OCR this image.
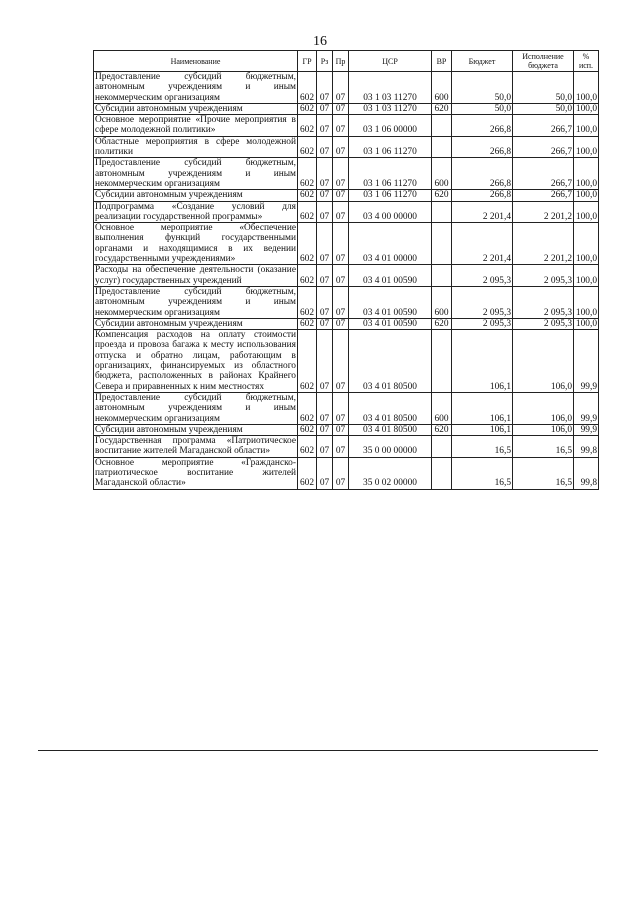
16
Наименование	ГР	Рз	Пр	ЦСР	ВР	Бюджет	Исполнение бюджета	% исп.
Предоставление субсидий бюджетным, автономным учреждениям и иным некоммерческим организациям	602	07	07	03 1 03 11270	600	50,0	50,0	100,0
Субсидии автономным учреждениям	602	07	07	03 1 03 11270	620	50,0	50,0	100,0
Основное мероприятие «Прочие мероприятия в сфере молодежной политики»	602	07	07	03 1 06 00000		266,8	266,7	100,0
Областные мероприятия в сфере молодежной политики	602	07	07	03 1 06 11270		266,8	266,7	100,0
Предоставление субсидий бюджетным, автономным учреждениям и иным некоммерческим организациям	602	07	07	03 1 06 11270	600	266,8	266,7	100,0
Субсидии автономным учреждениям	602	07	07	03 1 06 11270	620	266,8	266,7	100,0
Подпрограмма «Создание условий для реализации государственной программы»	602	07	07	03 4 00 00000		2 201,4	2 201,2	100,0
Основное мероприятие «Обеспечение выполнения функций государственными органами и находящимися в их ведении государственными учреждениями»	602	07	07	03 4 01 00000		2 201,4	2 201,2	100,0
Расходы на обеспечение деятельности (оказание услуг) государственных учреждений	602	07	07	03 4 01 00590		2 095,3	2 095,3	100,0
Предоставление субсидий бюджетным, автономным учреждениям и иным некоммерческим организациям	602	07	07	03 4 01 00590	600	2 095,3	2 095,3	100,0
Субсидии автономным учреждениям	602	07	07	03 4 01 00590	620	2 095,3	2 095,3	100,0
Компенсация расходов на оплату стоимости проезда и провоза багажа к месту использования отпуска и обратно лицам, работающим в организациях, финансируемых из областного бюджета, расположенных в районах Крайнего Севера и приравненных к ним местностях	602	07	07	03 4 01 80500		106,1	106,0	99,9
Предоставление субсидий бюджетным, автономным учреждениям и иным некоммерческим организациям	602	07	07	03 4 01 80500	600	106,1	106,0	99,9
Субсидии автономным учреждениям	602	07	07	03 4 01 80500	620	106,1	106,0	99,9
Государственная программа «Патриотическое воспитание жителей Магаданской области»	602	07	07	35 0 00 00000		16,5	16,5	99,8
Основное мероприятие «Гражданско-патриотическое воспитание жителей Магаданской области»	602	07	07	35 0 02 00000		16,5	16,5	99,8
